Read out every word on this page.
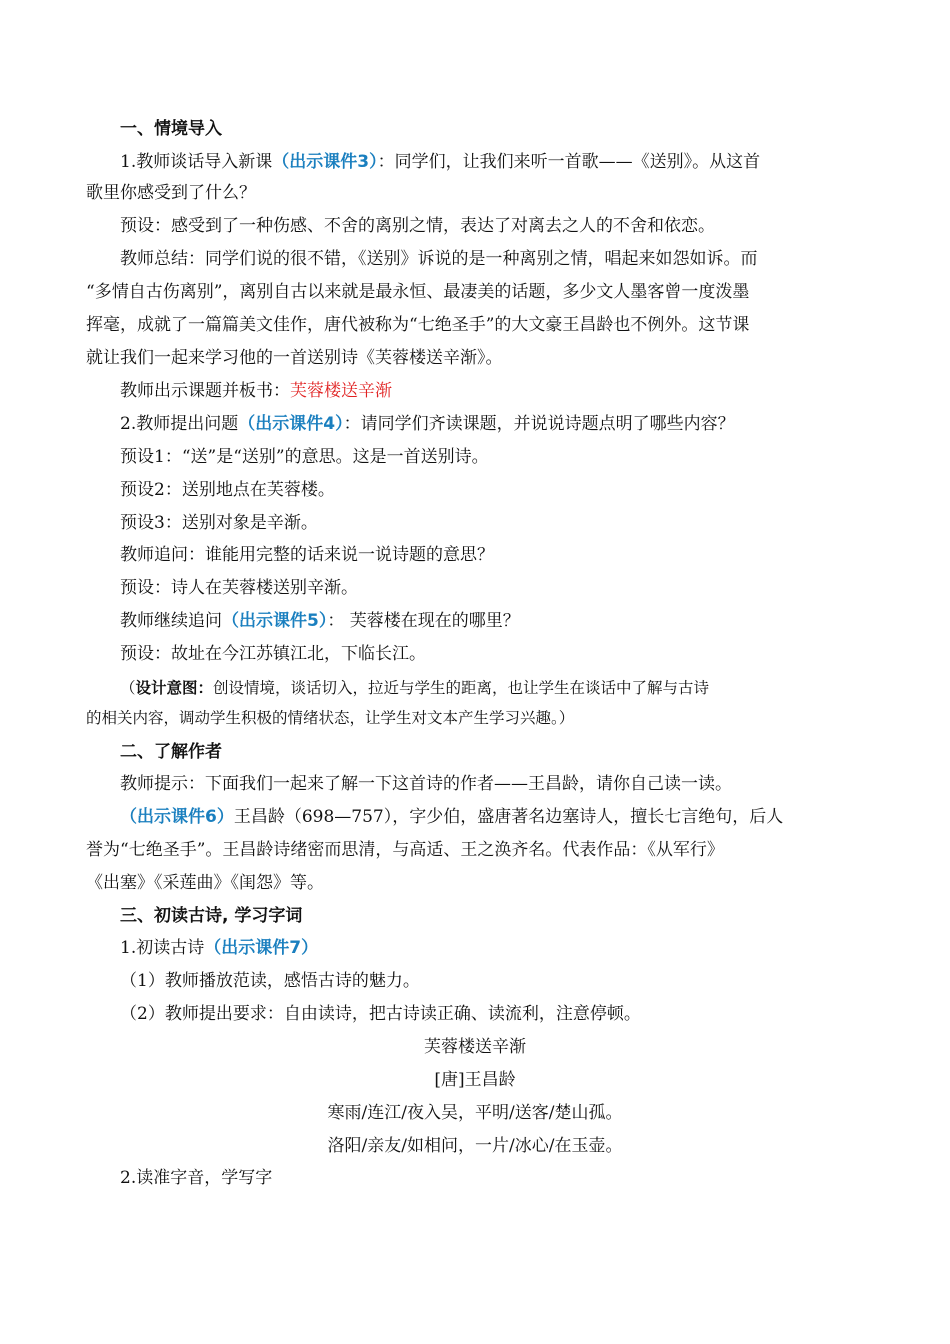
一、情境导入
1.教师谈话导入新课（出示课件3）：同学们，让我们来听一首歌——《送别》。从这首
歌里你感受到了什么？
预设：感受到了一种伤感、不舍的离别之情，表达了对离去之人的不舍和依恋。
教师总结：同学们说的很不错，《送别》诉说的是一种离别之情，唱起来如怨如诉。而
“多情自古伤离别”，离别自古以来就是最永恒、最凄美的话题，多少文人墨客曾一度泼墨
挥毫，成就了一篇篇美文佳作，唐代被称为“七绝圣手”的大文豪王昌龄也不例外。这节课
就让我们一起来学习他的一首送别诗《芙蓉楼送辛渐》。
教师出示课题并板书：芙蓉楼送辛渐
2.教师提出问题（出示课件4）：请同学们齐读课题，并说说诗题点明了哪些内容？
预设1：“送”是“送别”的意思。这是一首送别诗。
预设2：送别地点在芙蓉楼。
预设3：送别对象是辛渐。
教师追问：谁能用完整的话来说一说诗题的意思？
预设：诗人在芙蓉楼送别辛渐。
教师继续追问（出示课件5）： 芙蓉楼在现在的哪里？
预设：故址在今江苏镇江北，下临长江。
（设计意图：创设情境，谈话切入，拉近与学生的距离，也让学生在谈话中了解与古诗
的相关内容，调动学生积极的情绪状态，让学生对文本产生学习兴趣。）
二、了解作者
教师提示：下面我们一起来了解一下这首诗的作者——王昌龄，请你自己读一读。
（出示课件6）王昌龄（698—757），字少伯，盛唐著名边塞诗人，擅长七言绝句，后人
誉为“七绝圣手”。王昌龄诗绪密而思清，与高适、王之涣齐名。代表作品：《从军行》
《出塞》《采莲曲》《闺怨》等。
三、初读古诗, 学习字词
1.初读古诗（出示课件7）
（1）教师播放范读，感悟古诗的魅力。
（2）教师提出要求：自由读诗，把古诗读正确、读流利，注意停顿。
芙蓉楼送辛渐
[唐]王昌龄
寒雨/连江/夜入吴，平明/送客/楚山孤。
洛阳/亲友/如相问，一片/冰心/在玉壶。
2.读准字音，学写字
